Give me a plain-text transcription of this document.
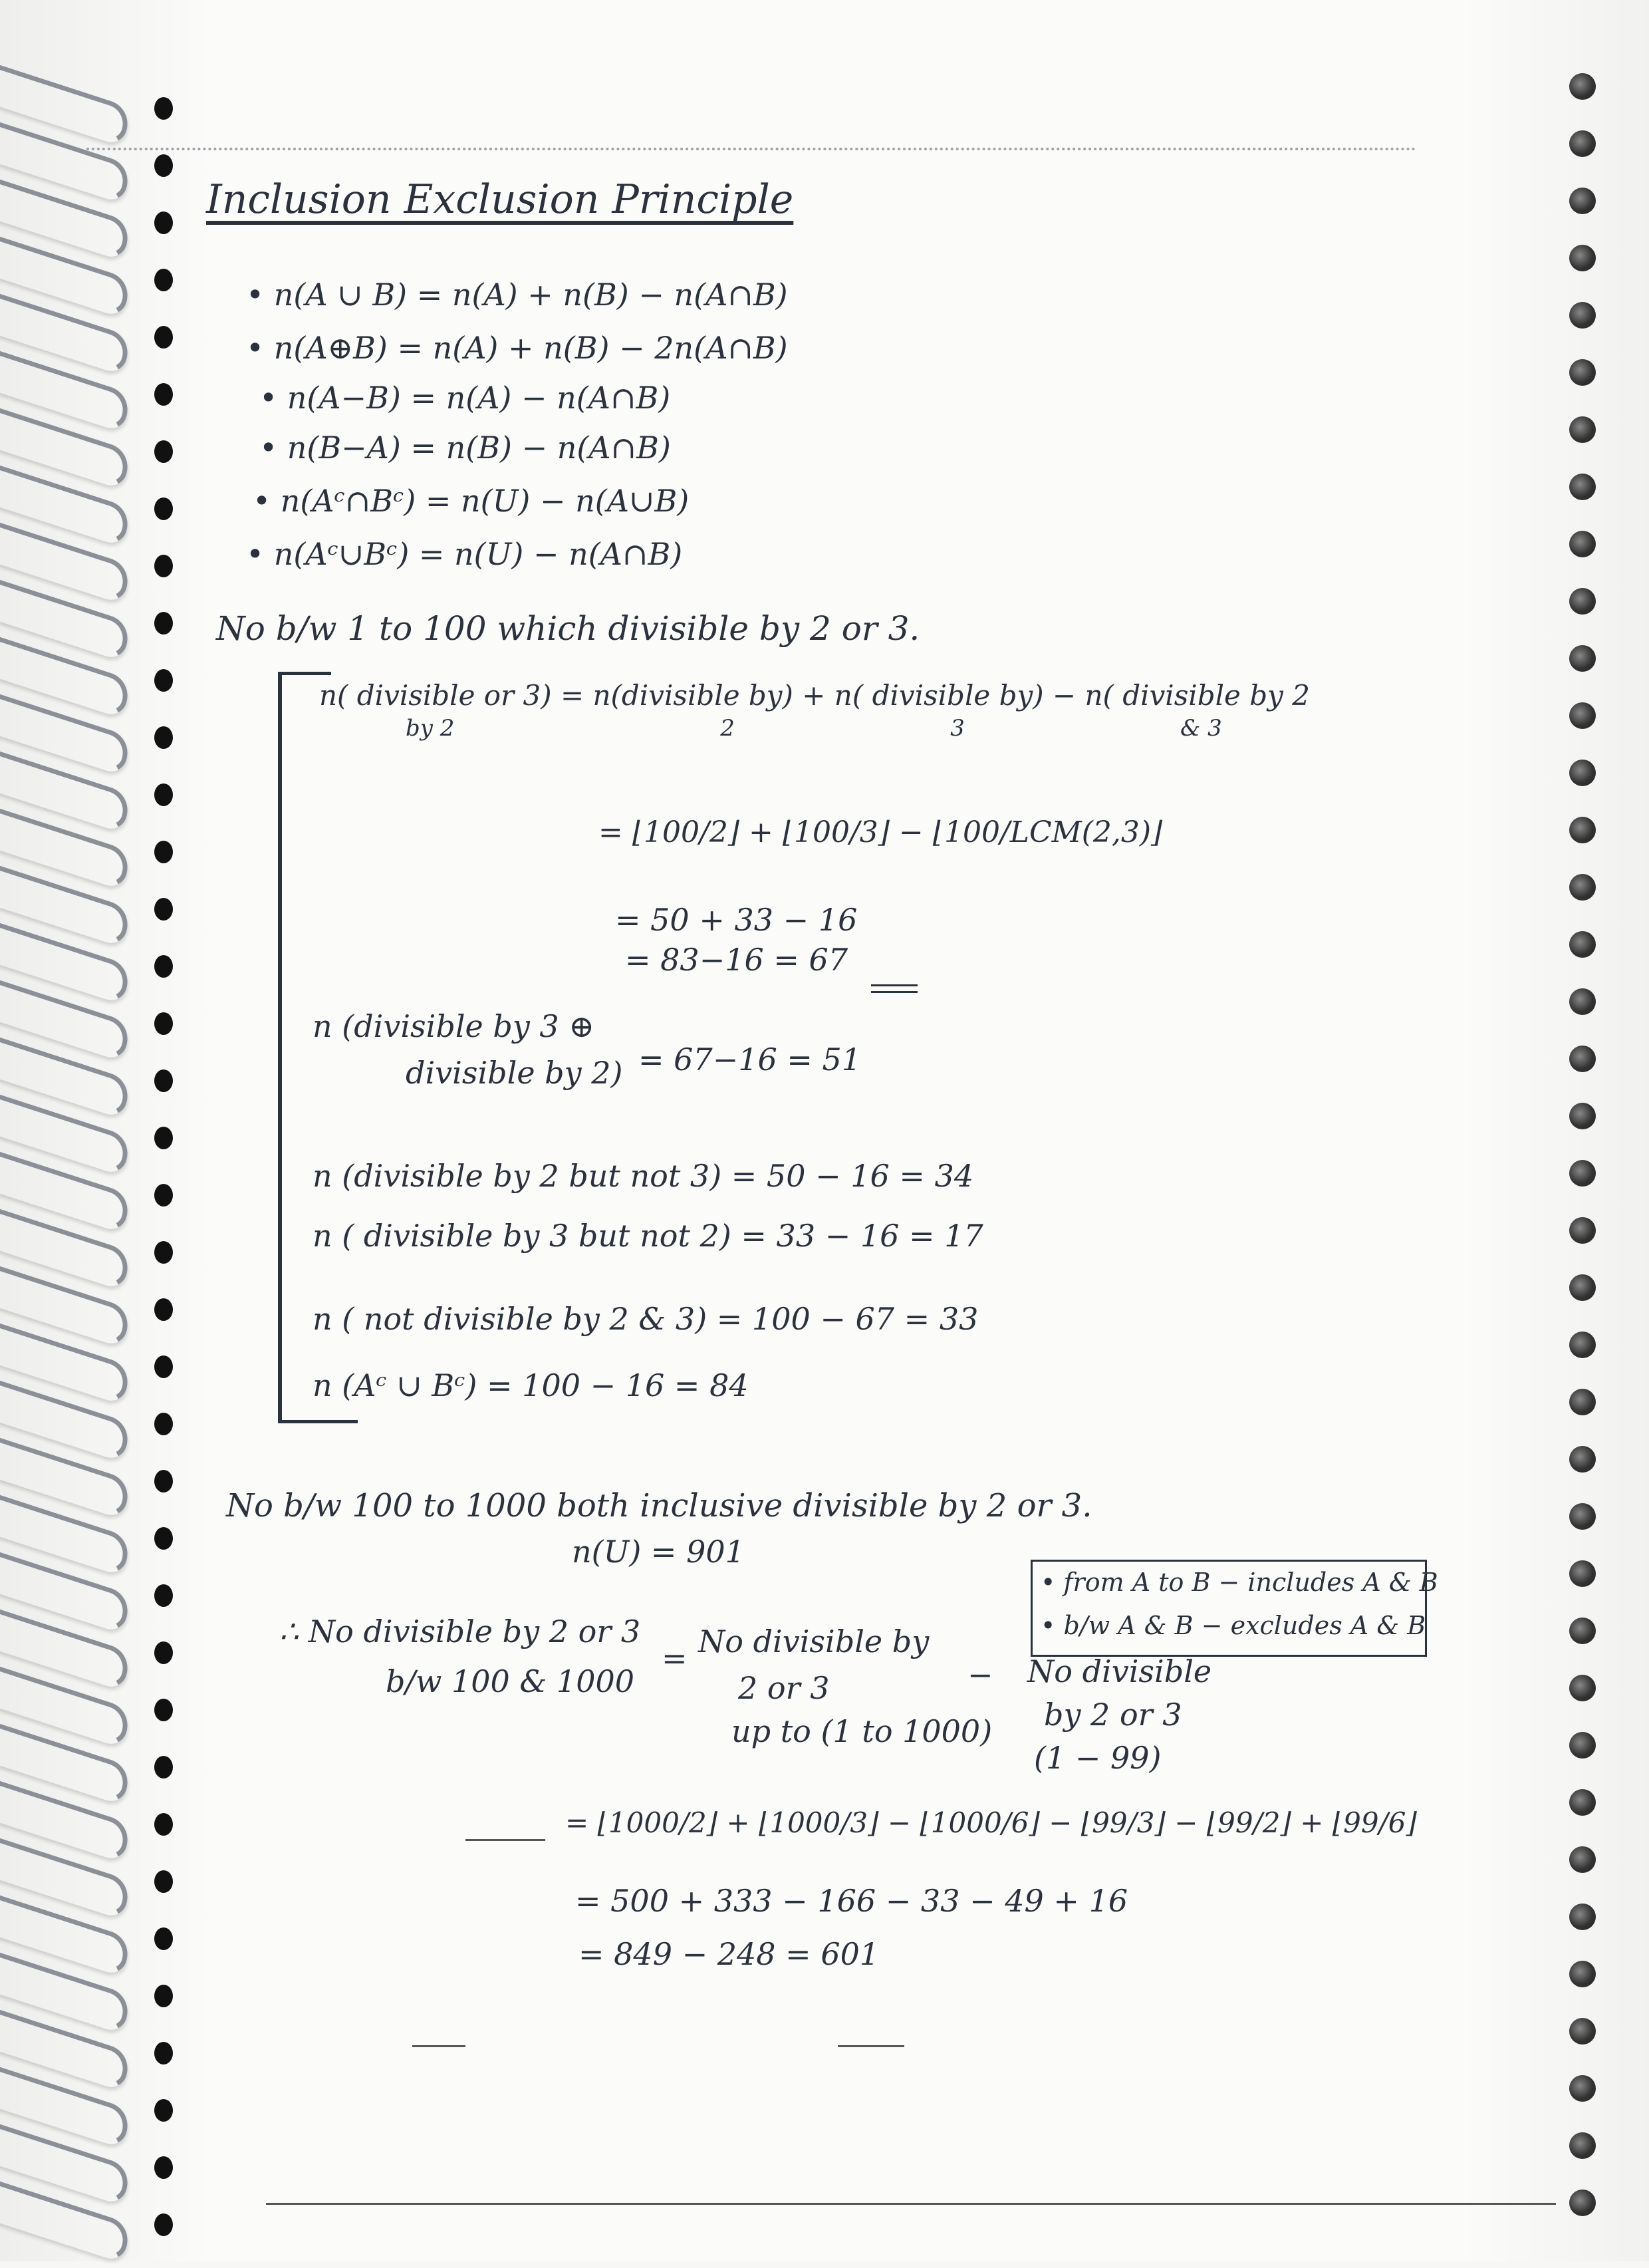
Inclusion Exclusion Principle
• n(A ∪ B) = n(A) + n(B) − n(A∩B)
• n(A⊕B) = n(A) + n(B) − 2n(A∩B)
• n(A−B) = n(A) − n(A∩B)
• n(B−A) = n(B) − n(A∩B)
• n(Aᶜ∩Bᶜ) = n(U) − n(A∪B)
• n(Aᶜ∪Bᶜ) = n(U) − n(A∩B)
No b/w 1 to 100 which divisible by 2 or 3.
n( divisible or 3) = n(divisible by) + n( divisible by) − n( divisible by 2
by 2                                     2                              3                              & 3
= ⌊100/2⌋ + ⌊100/3⌋ − ⌊100/LCM(2,3)⌋
= 50 + 33 − 16
= 83−16 = 67
n (divisible by 3 ⊕
divisible by 2) = 67−16 = 51
n (divisible by 2 but not 3) = 50 − 16 = 34
n ( divisible by 3 but not 2) = 33 − 16 = 17
n ( not divisible by 2 & 3) = 100 − 67 = 33
n (Aᶜ ∪ Bᶜ) = 100 − 16 = 84
No b/w 100 to 1000 both inclusive divisible by 2 or 3.
n(U) = 901
• from A to B − includes A & B
• b/w A & B − excludes A & B
∴ No divisible by 2 or 3
b/w 100 & 1000
= No divisible by
2 or 3
up to (1 to 1000)
− No divisible
by 2 or 3
(1 − 99)
= ⌊1000/2⌋ + ⌊1000/3⌋ − ⌊1000/6⌋ − ⌊99/3⌋ − ⌊99/2⌋ + ⌊99/6⌋
= 500 + 333 − 166 − 33 − 49 + 16
= 849 − 248 = 601
